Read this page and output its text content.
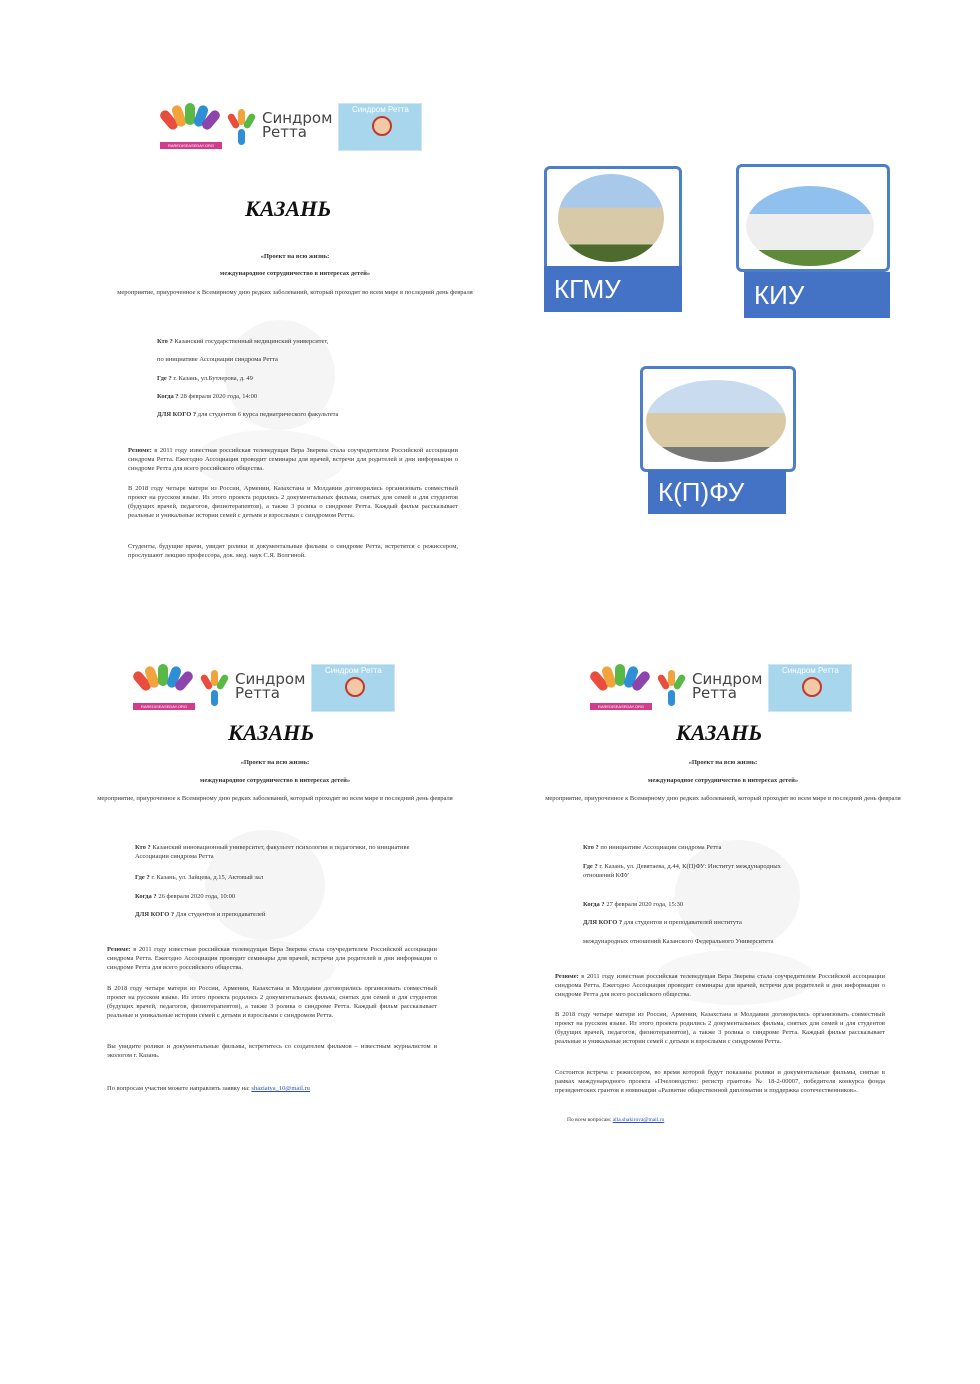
RAREDISEASEDAY.ORG
Синдром
Ретта

Синдром Ретта
КАЗАНЬ
«Проект на всю жизнь:
международное сотрудничество в интересах детей»
мероприятие, приуроченное к Всемирному дню редких заболеваний, который проходит во всем мире в последний день февраля
Кто ? Казанский государственный медицинский университет,
по инициативе Ассоциации синдрома Ретта
Где ? г. Казань, ул.Бутлерова, д. 49
Когда ? 28 февраля 2020 года, 14:00
ДЛЯ КОГО ? для студентов 6 курса педиатрического факультета
Резюме: в 2011 году известная российская телеведущая Вера Зверева стала соучредителем Российской ассоциации синдрома Ретта. Ежегодно Ассоциация проводит семинары для врачей, встречи для родителей и дни информации о синдроме Ретта для всего российского общества.
В 2018 году четыре матери из России, Армении, Казахстана и Молдавии договорились организовать совместный проект на русском языке. Из этого проекта родились 2 документальных фильма, снятых для семей и для студентов (будущих врачей, педагогов, физиотерапевтов), а также 3 ролика о синдроме Ретта. Каждый фильм рассказывает реальные и уникальные истории семей с детьми и взрослыми с синдромом Ретта.
Студенты, будущие врачи, увидят ролики и документальные фильмы о синдроме Ретта, встретятся с режиссером, прослушают лекцию профессора, док. мед. наук С.Я. Волгиной.
КГМУ	КИУ
К(П)ФУ
RAREDISEASEDAY.ORG
Синдром
Ретта

Синдром Ретта
КАЗАНЬ
«Проект на всю жизнь:
международное сотрудничество в интересах детей»
мероприятие, приуроченное к Всемирному дню редких заболеваний, который проходит во всем мире в последний день февраля
Кто ? Казанский инновационный университет, факультет психологии и педагогики, по инициативе Ассоциации синдрома Ретта
Где ? г. Казань, ул. Зайцева, д.15, Актовый зал
Когда ? 26 февраля 2020 года, 10:00
ДЛЯ КОГО ? Для студентов и преподавателей
Резюме: в 2011 году известная российская телеведущая Вера Зверева стала соучредителем Российской ассоциации синдрома Ретта. Ежегодно Ассоциация проводит семинары для врачей, встречи для родителей и дни информации о синдроме Ретта для всего российского общества.
В 2018 году четыре матери из России, Армении, Казахстана и Молдавии договорились организовать совместный проект на русском языке. Из этого проекта родились 2 документальных фильма, снятых для семей и для студентов (будущих врачей, педагогов, физиотерапевтов), а также 3 ролика о синдроме Ретта. Каждый фильм рассказывает реальные и уникальные истории семей с детьми и взрослыми с синдромом Ретта.
Вы увидите ролики и документальные фильмы, встретитесь со создателем фильмов – известным журналистом и экологом г. Казань.
По вопросам участия можете направлять заявку на: shaziatya_10@mail.ru
RAREDISEASEDAY.ORG
Синдром
Ретта

Синдром Ретта
КАЗАНЬ
«Проект на всю жизнь:
международное сотрудничество в интересах детей»
мероприятие, приуроченное к Всемирному дню редких заболеваний, который проходит во всем мире в последний день февраля
Кто ? по инициативе Ассоциации синдрома Ретта
Где ? г. Казань, ул. Девятаева, д.44, К(П)ФУ: Институт международных отношений КФУ
Когда ? 27 февраля 2020 года, 15:30
ДЛЯ КОГО ? для студентов и преподавателей института
международных отношений Казанского Федерального Университета
Резюме: в 2011 году известная российская телеведущая Вера Зверева стала соучредителем Российской ассоциации синдрома Ретта. Ежегодно Ассоциация проводит семинары для врачей, встречи для родителей и дни информации о синдроме Ретта для всего российского общества.
В 2018 году четыре матери из России, Армении, Казахстана и Молдавии договорились организовать совместный проект на русском языке. Из этого проекта родились 2 документальных фильма, снятых для семей и для студентов (будущих врачей, педагогов, физиотерапевтов), а также 3 ролика о синдроме Ретта. Каждый фильм рассказывает реальные и уникальные истории семей с детьми и взрослыми с синдромом Ретта.
Состоится встреча с режиссером, во время которой будут показаны ролики и документальные фильмы, снятые в рамках международного проекта «Пчеловодство: регистр грантов» № 18-2-00007, победителя конкурса фонда президентских грантов в номинации «Развитие общественной дипломатии и поддержка соотечественников».
По всем вопросам: alla.shakirova@mail.ru
